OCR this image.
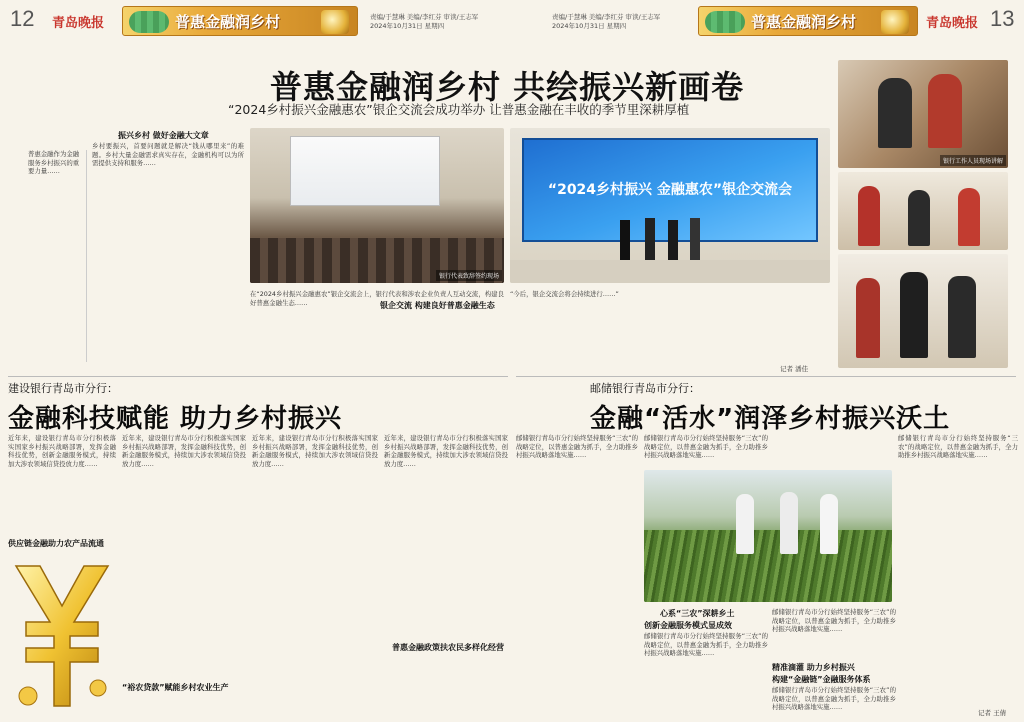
12 青岛晚报	普惠金融润乡村	责编/于慧琳 美编/李红芬 审读/王志军
2024年10月31日 星期四
责编/于慧琳 美编/李红芬 审读/王志军
2024年10月31日 星期四	普惠金融润乡村	青岛晚报 13
普惠金融润乡村 共绘振兴新画卷
“2024乡村振兴金融惠农”银企交流会成功举办 让普惠金融在丰收的季节里深耕厚植
普惠金融作为金融服务乡村振兴的重要力量……
振兴乡村 做好金融大文章
乡村要振兴，首要问题就是解决“钱从哪里来”的难题。乡村大量金融需求真实存在，金融机构可以为所需提供支持和服务……
银行代表致辞签约现场
在“2024乡村振兴金融惠农”银企交流会上，银行代表和涉农企业负责人互动交流，构建良好普惠金融生态……
“2024乡村振兴 金融惠农”银企交流会
银企交流 构建良好普惠金融生态
“今后，银企交流会将会持续进行……”
记者 潘佳
银行工作人员现场讲解
建设银行青岛市分行：
金融科技赋能 助力乡村振兴
近年来，建设银行青岛市分行积极落实国家乡村振兴战略部署，发挥金融科技优势，创新金融服务模式，持续加大涉农领域信贷投放力度……
供应链金融助力农产品流通
近年来，建设银行青岛市分行积极落实国家乡村振兴战略部署，发挥金融科技优势，创新金融服务模式，持续加大涉农领域信贷投放力度……
“裕农贷款”赋能乡村农业生产
近年来，建设银行青岛市分行积极落实国家乡村振兴战略部署，发挥金融科技优势，创新金融服务模式，持续加大涉农领域信贷投放力度……
近年来，建设银行青岛市分行积极落实国家乡村振兴战略部署，发挥金融科技优势，创新金融服务模式，持续加大涉农领域信贷投放力度……
普惠金融政策扶农民多样化经营
邮储银行青岛市分行：
金融“活水”润泽乡村振兴沃土
邮储银行青岛市分行始终坚持服务“三农”的战略定位，以普惠金融为抓手，全力助推乡村振兴战略落地实施……
邮储银行青岛市分行始终坚持服务“三农”的战略定位，以普惠金融为抓手，全力助推乡村振兴战略落地实施……
心系“三农”深耕乡土
创新金融服务模式显成效
邮储银行青岛市分行始终坚持服务“三农”的战略定位，以普惠金融为抓手，全力助推乡村振兴战略落地实施……
邮储银行青岛市分行始终坚持服务“三农”的战略定位，以普惠金融为抓手，全力助推乡村振兴战略落地实施……
精准滴灌 助力乡村振兴
构建“金融链”金融服务体系
邮储银行青岛市分行始终坚持服务“三农”的战略定位，以普惠金融为抓手，全力助推乡村振兴战略落地实施……
邮储银行青岛市分行始终坚持服务“三农”的战略定位，以普惠金融为抓手，全力助推乡村振兴战略落地实施……
记者 王倩
